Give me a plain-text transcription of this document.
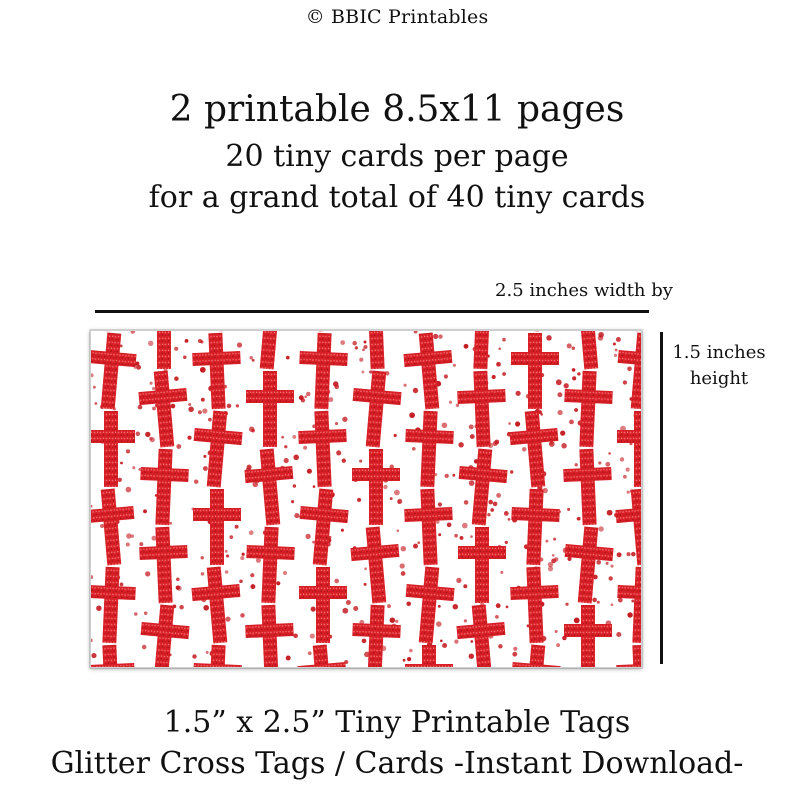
© BBIC Printables
2 printable 8.5x11 pages
20 tiny cards per page
for a grand total of 40 tiny cards
2.5 inches width by
1.5 inches
height
1.5” x 2.5” Tiny Printable Tags
Glitter Cross Tags / Cards -Instant Download-
